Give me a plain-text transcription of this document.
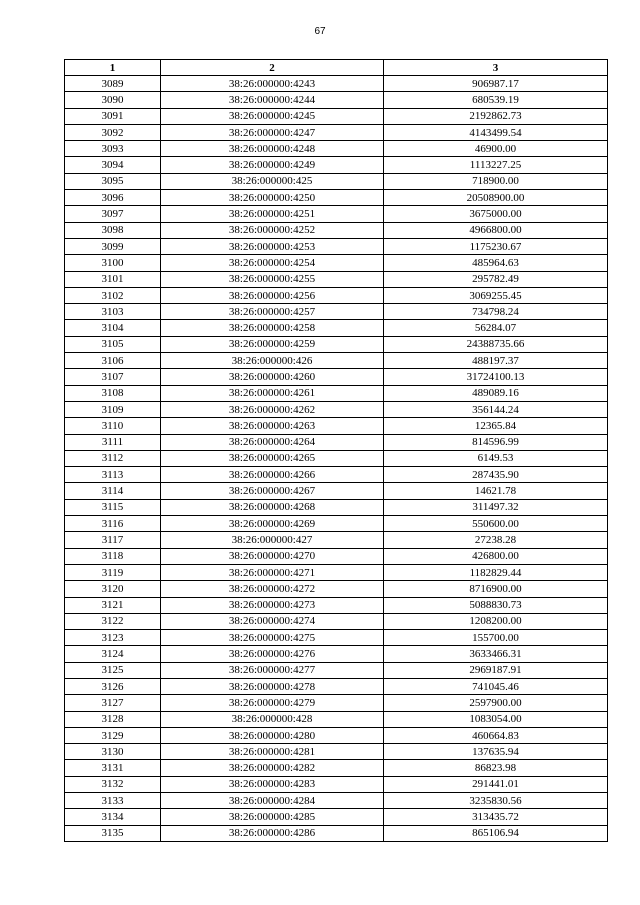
67
1	2	3
3089	38:26:000000:4243	906987.17
3090	38:26:000000:4244	680539.19
3091	38:26:000000:4245	2192862.73
3092	38:26:000000:4247	4143499.54
3093	38:26:000000:4248	46900.00
3094	38:26:000000:4249	1113227.25
3095	38:26:000000:425	718900.00
3096	38:26:000000:4250	20508900.00
3097	38:26:000000:4251	3675000.00
3098	38:26:000000:4252	4966800.00
3099	38:26:000000:4253	1175230.67
3100	38:26:000000:4254	485964.63
3101	38:26:000000:4255	295782.49
3102	38:26:000000:4256	3069255.45
3103	38:26:000000:4257	734798.24
3104	38:26:000000:4258	56284.07
3105	38:26:000000:4259	24388735.66
3106	38:26:000000:426	488197.37
3107	38:26:000000:4260	31724100.13
3108	38:26:000000:4261	489089.16
3109	38:26:000000:4262	356144.24
3110	38:26:000000:4263	12365.84
3111	38:26:000000:4264	814596.99
3112	38:26:000000:4265	6149.53
3113	38:26:000000:4266	287435.90
3114	38:26:000000:4267	14621.78
3115	38:26:000000:4268	311497.32
3116	38:26:000000:4269	550600.00
3117	38:26:000000:427	27238.28
3118	38:26:000000:4270	426800.00
3119	38:26:000000:4271	1182829.44
3120	38:26:000000:4272	8716900.00
3121	38:26:000000:4273	5088830.73
3122	38:26:000000:4274	1208200.00
3123	38:26:000000:4275	155700.00
3124	38:26:000000:4276	3633466.31
3125	38:26:000000:4277	2969187.91
3126	38:26:000000:4278	741045.46
3127	38:26:000000:4279	2597900.00
3128	38:26:000000:428	1083054.00
3129	38:26:000000:4280	460664.83
3130	38:26:000000:4281	137635.94
3131	38:26:000000:4282	86823.98
3132	38:26:000000:4283	291441.01
3133	38:26:000000:4284	3235830.56
3134	38:26:000000:4285	313435.72
3135	38:26:000000:4286	865106.94
